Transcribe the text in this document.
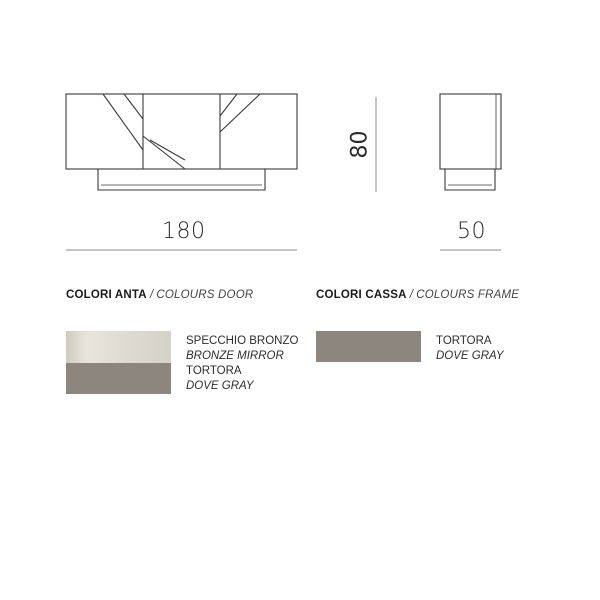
180
80
50
COLORI ANTA / COLOURS DOOR
SPECCHIO BRONZO
BRONZE MIRROR
TORTORA
DOVE GRAY
COLORI CASSA / COLOURS FRAME
TORTORA
DOVE GRAY
